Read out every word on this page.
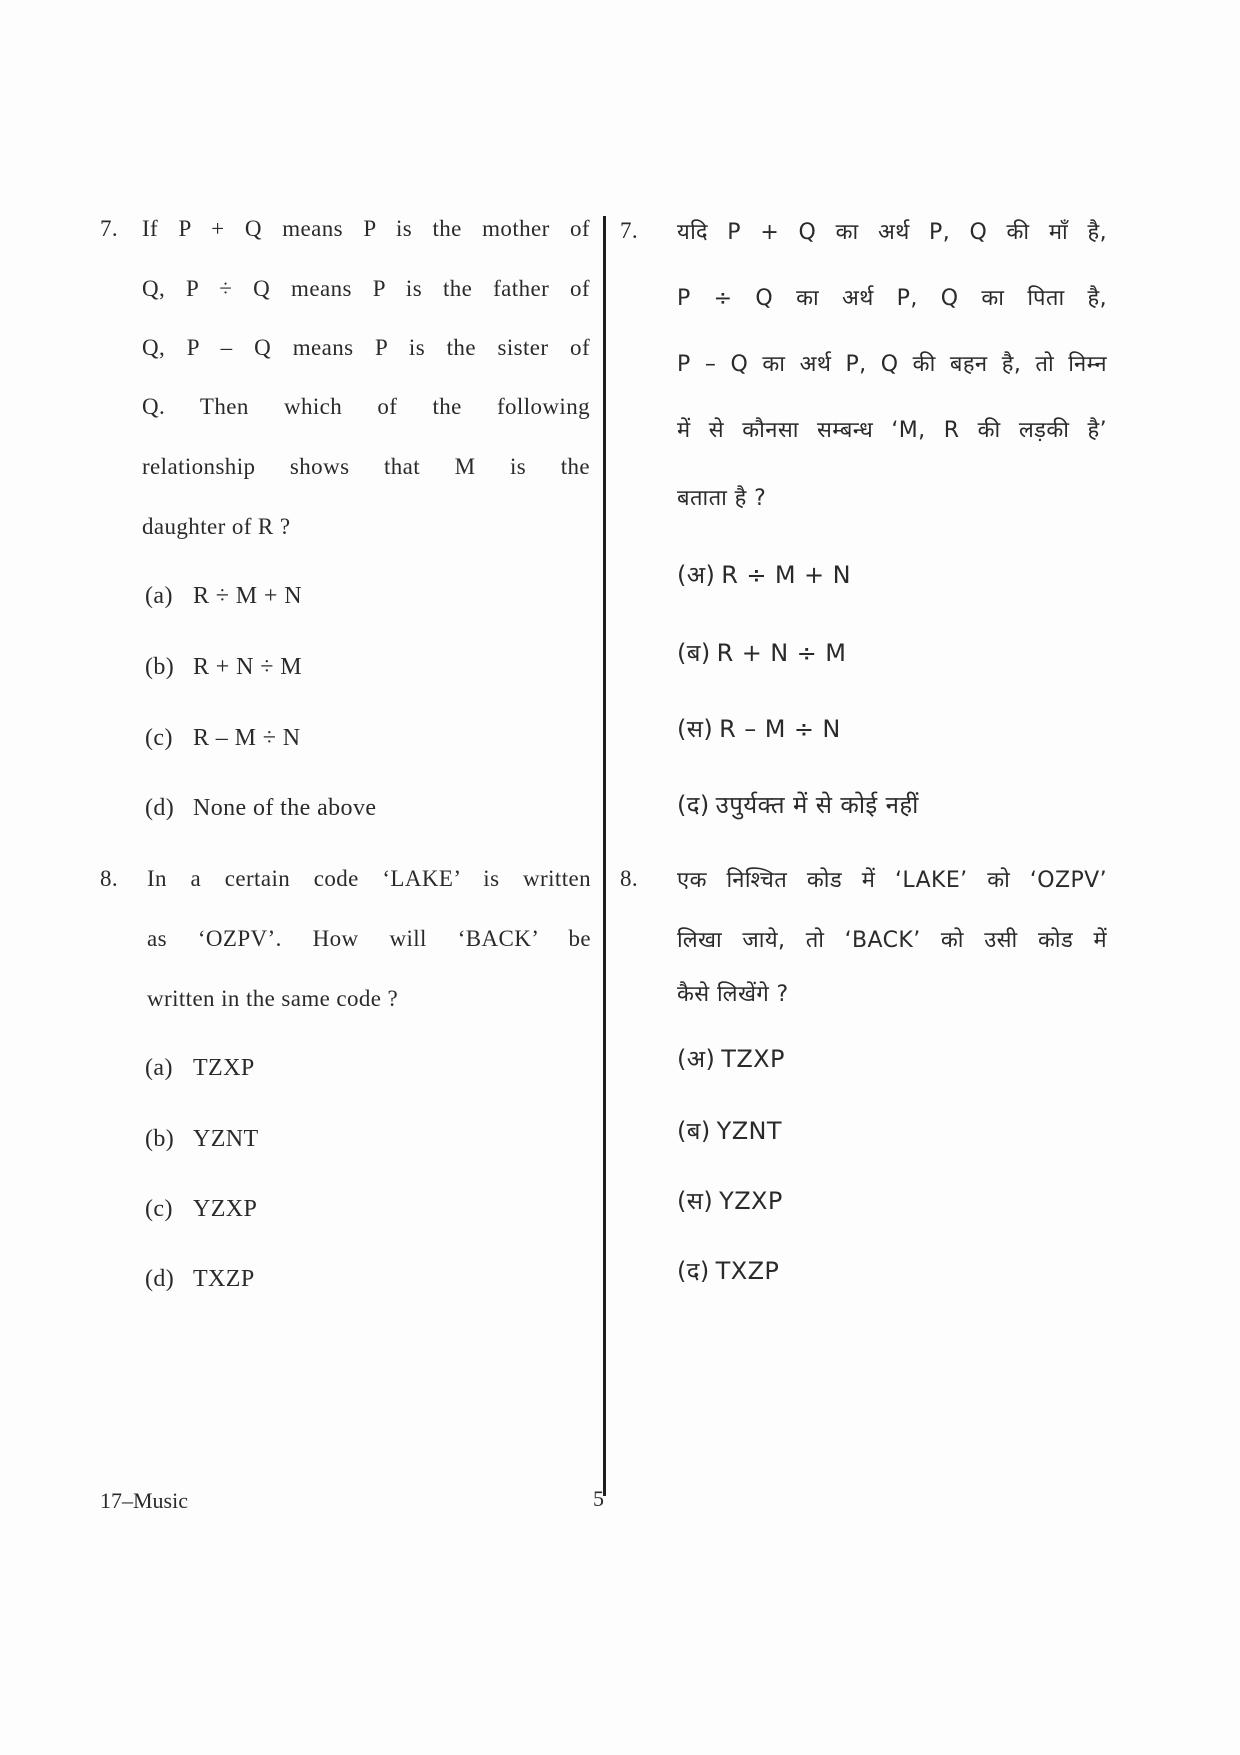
7. If P + Q means P is the mother of
Q, P ÷ Q means P is the father of
Q, P – Q means P is the sister of
Q. Then which of the following
relationship shows that M is the
daughter of R ?
(a) R ÷ M + N
(b) R + N ÷ M
(c) R – M ÷ N
(d) None of the above
8. In a certain code ‘LAKE’ is written
as ‘OZPV’. How will ‘BACK’ be
written in the same code ?
(a) TZXP
(b) YZNT
(c) YZXP
(d) TXZP
7. यदि P + Q का अर्थ P, Q की माँ है,
P ÷ Q का अर्थ P, Q का पिता है,
P – Q का अर्थ P, Q की बहन है, तो निम्न
में से कौनसा सम्बन्ध ‘M, R की लड़की है’
बताता है ?
(अ) R ÷ M + N
(ब) R + N ÷ M
(स) R – M ÷ N
(द) उपुर्यक्त में से कोई नहीं
8. एक निश्चित कोड में ‘LAKE’ को ‘OZPV’
लिखा जाये, तो ‘BACK’ को उसी कोड में
कैसे लिखेंगे ?
(अ) TZXP
(ब) YZNT
(स) YZXP
(द) TXZP
17–Music	5
